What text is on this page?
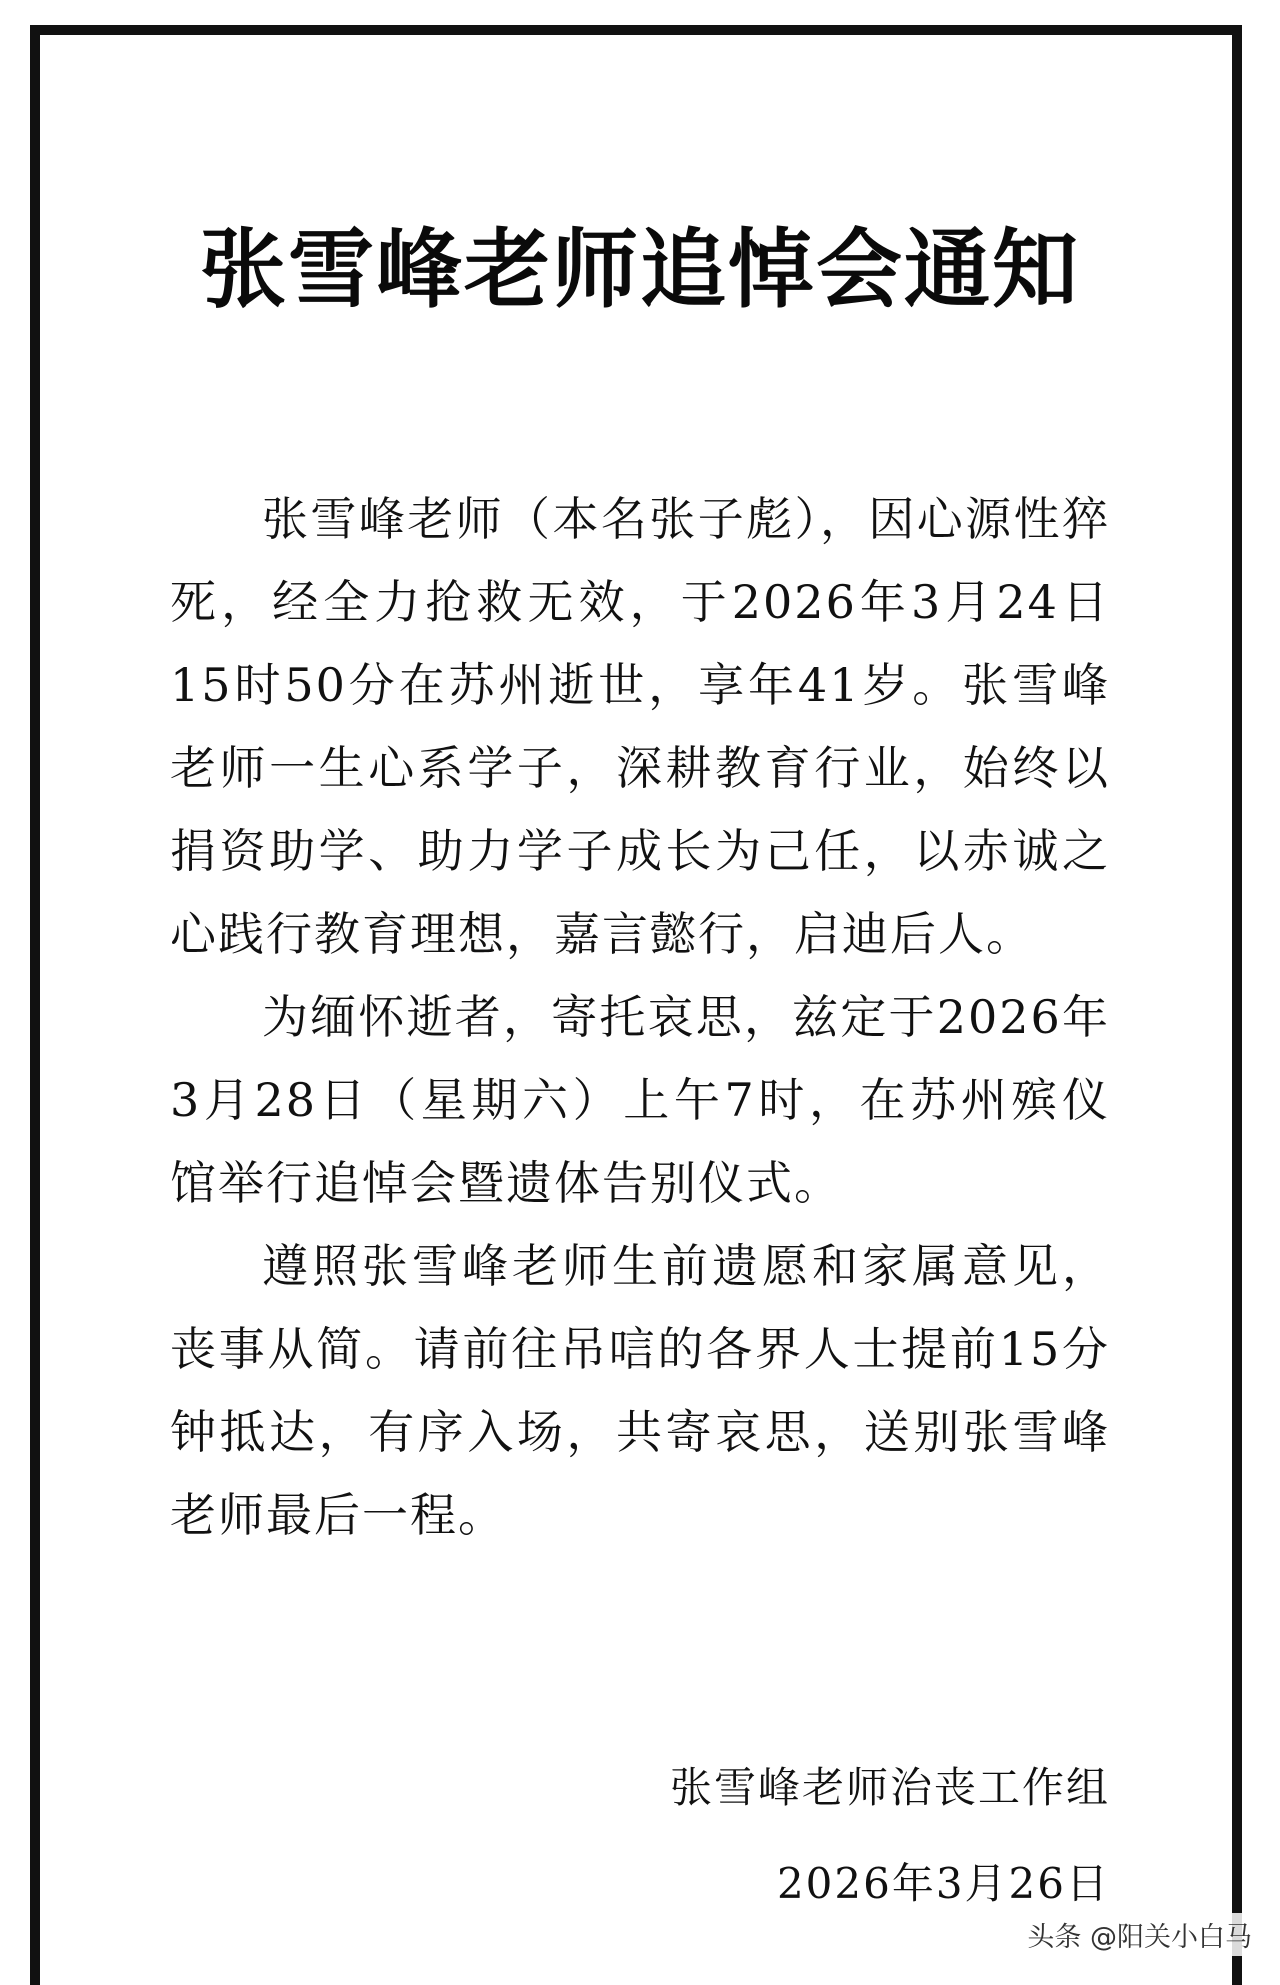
张雪峰老师追悼会通知

张雪峰老师（本名张子彪），因心源性猝死，经全力抢救无效，于2026年3月24日15时50分在苏州逝世，享年41岁。张雪峰老师一生心系学子，深耕教育行业，始终以捐资助学、助力学子成长为己任，以赤诚之心践行教育理想，嘉言懿行，启迪后人。

为缅怀逝者，寄托哀思，兹定于2026年3月28日（星期六）上午7时，在苏州殡仪馆举行追悼会暨遗体告别仪式。

遵照张雪峰老师生前遗愿和家属意见，丧事从简。请前往吊唁的各界人士提前15分钟抵达，有序入场，共寄哀思，送别张雪峰老师最后一程。

张雪峰老师治丧工作组
2026年3月26日
头条 @阳关小白马
